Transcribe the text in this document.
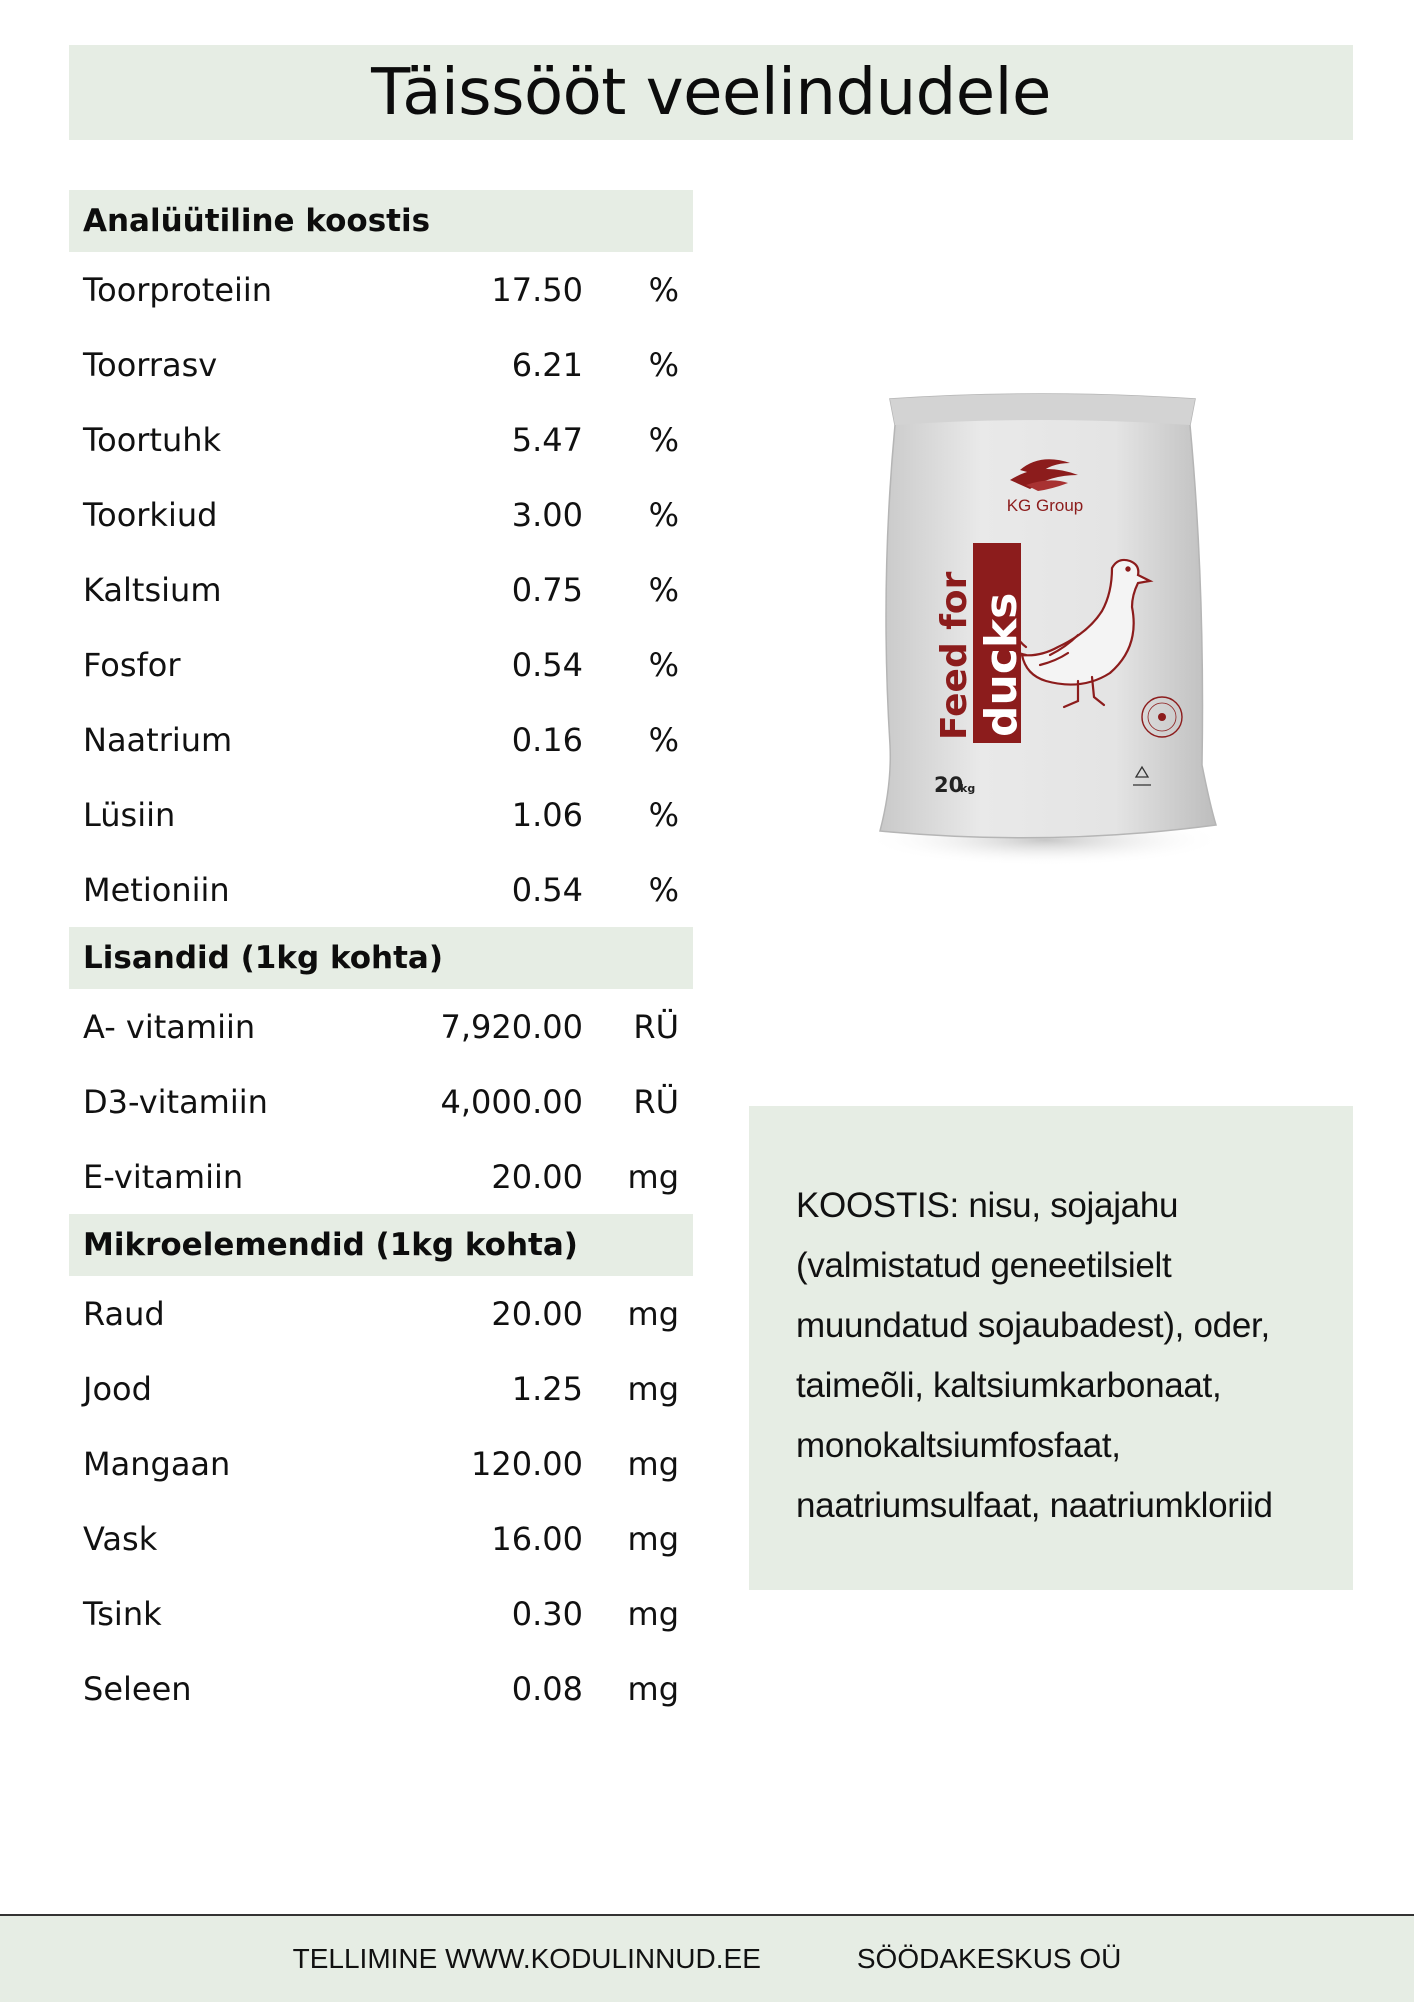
Täissööt veelindudele
Analüütiline koostis
Toorproteiin	17.50	%
Toorrasv	6.21	%
Toortuhk	5.47	%
Toorkiud	3.00	%
Kaltsium	0.75	%
Fosfor	0.54	%
Naatrium	0.16	%
Lüsiin	1.06	%
Metioniin	0.54	%
Lisandid (1kg kohta)
A- vitamiin	7,920.00	RÜ
D3-vitamiin	4,000.00	RÜ
E-vitamiin	20.00	mg
Mikroelemendid (1kg kohta)
Raud	20.00	mg
Jood	1.25	mg
Mangaan	120.00	mg
Vask	16.00	mg
Tsink	0.30	mg
Seleen	0.08	mg
KG Group
Feed for ducks
20
kg
KOOSTIS: nisu, sojajahu (valmistatud geneetilsielt muundatud sojaubadest), oder, taimeõli, kaltsiumkarbonaat, monokaltsiumfosfaat, naatriumsulfaat, naatriumkloriid
TELLIMINE WWW.KODULINNUD.EE	SÖÖDAKESKUS OÜ
